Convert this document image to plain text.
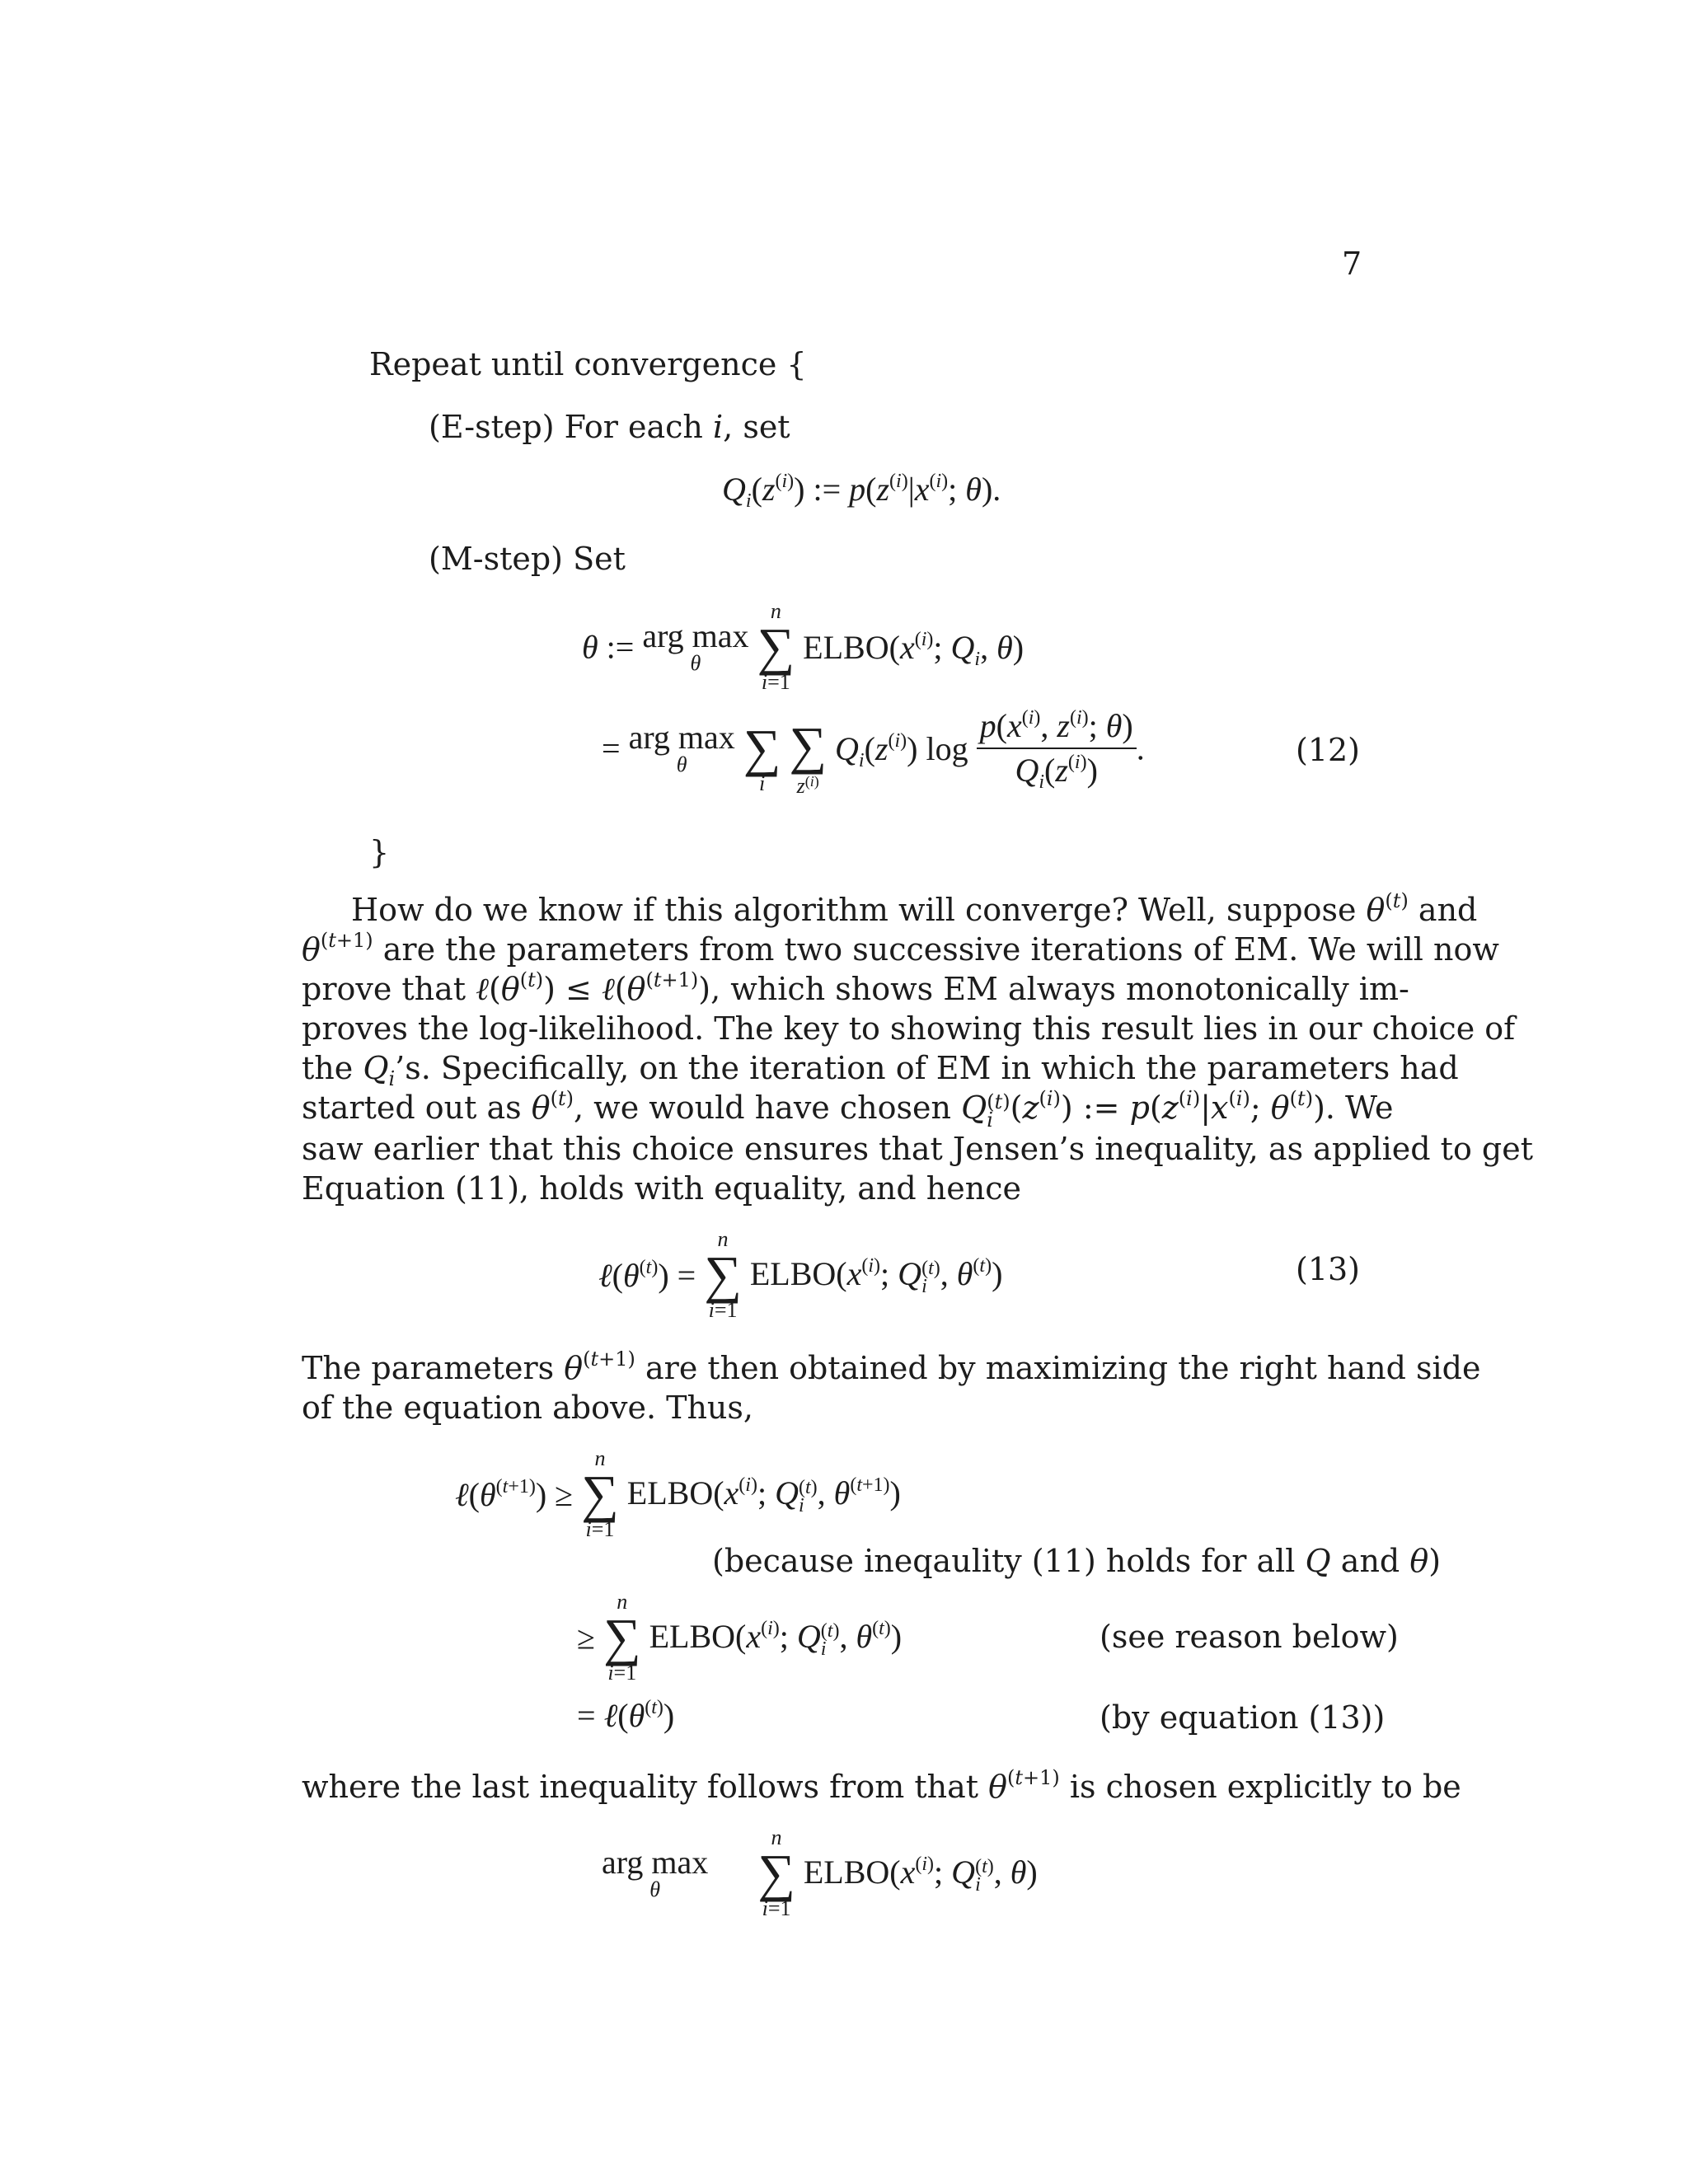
7
Repeat until convergence {
(E-step) For each i, set
$Q_i(z^{(i)})$ := $p(z^{(i)}|x^{(i)}$; θ).
(M-step) Set
θ := arg max
θ

n
∑
i=1
$ELBO(x^{(i)}$; $Q_i$, θ)
= arg max
θ

	∑
i

∑
$z^{(i)}$
$Q_i(z^{(i)})$ $\log \frac{p(x^{(i)}, z^{(i)}; \theta)}{Q_i(z^{(i)})}$ .	(12)
}
How do we know if this algorithm will converge? Well, suppose $\theta^{(t)}$ and
$\theta^{(t+1)}$ are the parameters from two successive iterations of EM. We will now
prove that $\ell(\theta^{(t)})$ ≤ $\ell(\theta^{(t+1)})$, which shows EM always monotonically im-
proves the log-likelihood. The key to showing this result lies in our choice of
the $Q_i’s$. Specifically, on the iteration of EM in which the parameters had
started out as $\theta^{(t)}$, we would have chosen Q (t)
i $(z^{(i)})$ := $p(z^{(i)}|x^{(i)}$; $\theta^{(t)}$). We
saw earlier that this choice ensures that Jensen’s inequality, as applied to get
Equation (11), holds with equality, and hence
$\ell(\theta^{(t)})$ =
n
∑
i=1
$ELBO(x^{(i)}$; Q (t)
i , $\theta^{(t)}$)	(13)
The parameters $\theta^{(t+1)}$ are then obtained by maximizing the right hand side
of the equation above. Thus,
$\ell(\theta^{(t+1)})$ ≥
n
∑
i=1
$ELBO(x^{(i)}$; Q (t)
i , $\theta^{(t+1)}$)
(because ineqaulity (11) holds for all Q and θ)
≥
n
∑
i=1
$ELBO(x^{(i)}$; Q (t)
i , $\theta^{(t)}$)	(see reason below)
= $\ell(\theta^{(t)})$	(by equation (13))
where the last inequality follows from that $\theta^{(t+1)}$ is chosen explicitly to be
arg max
θ

n
∑
i=1
$ELBO(x^{(i)}$; Q (t)
i , θ)
